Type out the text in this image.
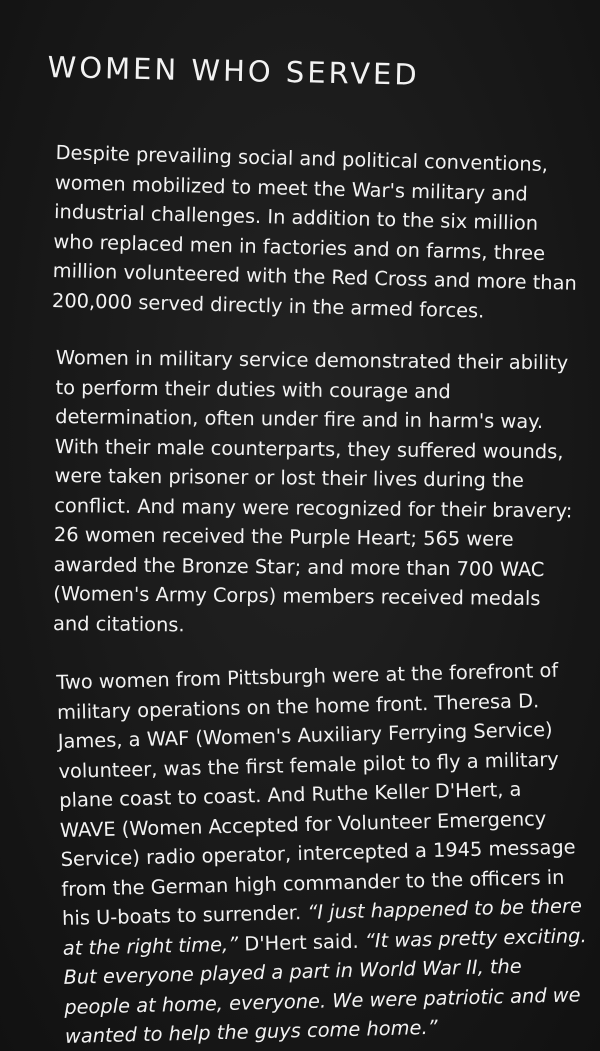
WOMEN WHO SERVED
Despite prevailing social and political conventions,
women mobilized to meet the War's military and
industrial challenges. In addition to the six million
who replaced men in factories and on farms, three
million volunteered with the Red Cross and more than
200,000 served directly in the armed forces.
Women in military service demonstrated their ability
to perform their duties with courage and
determination, often under fire and in harm's way.
With their male counterparts, they suffered wounds,
were taken prisoner or lost their lives during the
conflict. And many were recognized for their bravery:
26 women received the Purple Heart; 565 were
awarded the Bronze Star; and more than 700 WAC
(Women's Army Corps) members received medals
and citations.
Two women from Pittsburgh were at the forefront of
military operations on the home front. Theresa D.
James, a WAF (Women's Auxiliary Ferrying Service)
volunteer, was the first female pilot to fly a military
plane coast to coast. And Ruthe Keller D'Hert, a
WAVE (Women Accepted for Volunteer Emergency
Service) radio operator, intercepted a 1945 message
from the German high commander to the officers in
his U-boats to surrender. “I just happened to be there
at the right time,” D'Hert said. “It was pretty exciting.
But everyone played a part in World War II, the
people at home, everyone. We were patriotic and we
wanted to help the guys come home.”
